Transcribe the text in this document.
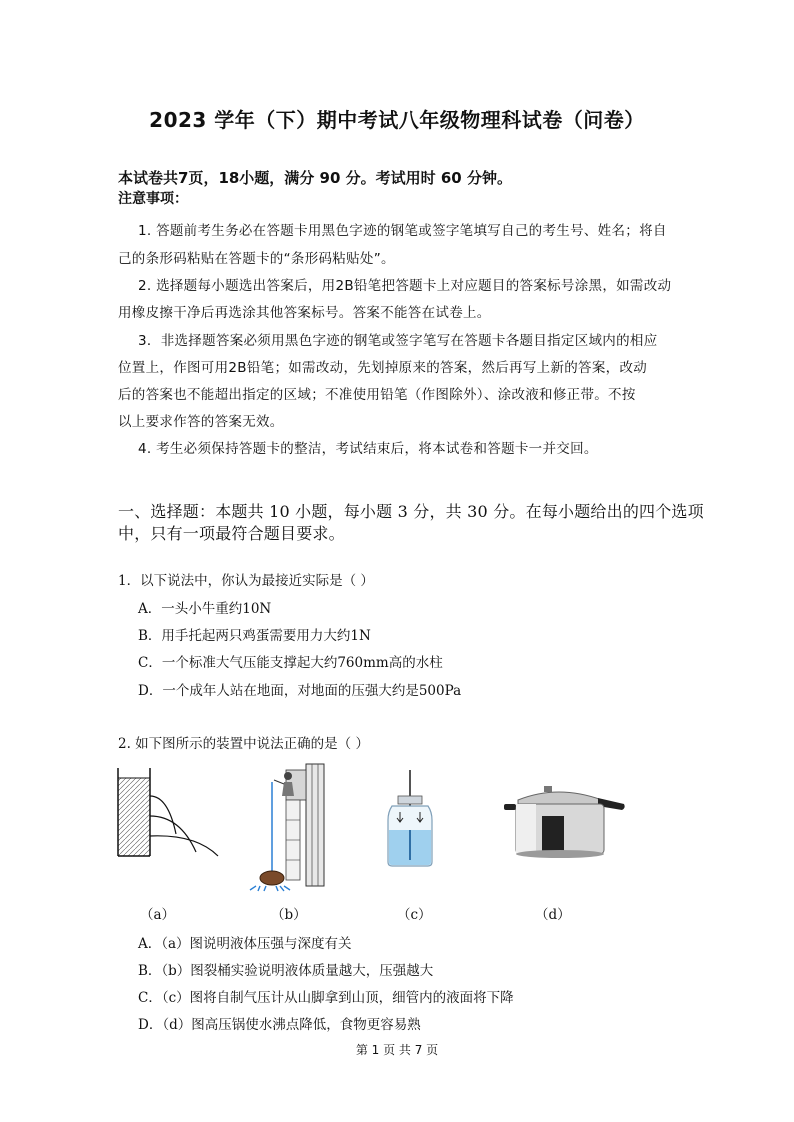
2023 学年（下）期中考试八年级物理科试卷（问卷）
本试卷共7页，18小题，满分 90 分。考试用时 60 分钟。
注意事项：
1. 答题前考生务必在答题卡用黑色字迹的钢笔或签字笔填写自己的考生号、姓名；将自
己的条形码粘贴在答题卡的“条形码粘贴处”。
2. 选择题每小题选出答案后，用2B铅笔把答题卡上对应题目的答案标号涂黑，如需改动
用橡皮擦干净后再选涂其他答案标号。答案不能答在试卷上。
3．非选择题答案必须用黑色字迹的钢笔或签字笔写在答题卡各题目指定区域内的相应
位置上，作图可用2B铅笔；如需改动，先划掉原来的答案，然后再写上新的答案，改动
后的答案也不能超出指定的区域；不准使用铅笔（作图除外）、涂改液和修正带。不按
以上要求作答的答案无效。
4. 考生必须保持答题卡的整洁，考试结束后，将本试卷和答题卡一并交回。
一、选择题：本题共 10 小题，每小题 3 分，共 30 分。在每小题给出的四个选项
中，只有一项最符合题目要求。
1．以下说法中，你认为最接近实际是（ ）
A．一头小牛重约10N
B．用手托起两只鸡蛋需要用力大约1N
C．一个标准大气压能支撑起大约760mm高的水柱
D．一个成年人站在地面，对地面的压强大约是500Pa
2. 如下图所示的装置中说法正确的是（ ）
（a）	（b）	（c）	（d）
A．（a）图说明液体压强与深度有关
B．（b）图裂桶实验说明液体质量越大，压强越大
C．（c）图将自制气压计从山脚拿到山顶，细管内的液面将下降
D．（d）图高压锅使水沸点降低，食物更容易熟
第 1 页 共 7 页
